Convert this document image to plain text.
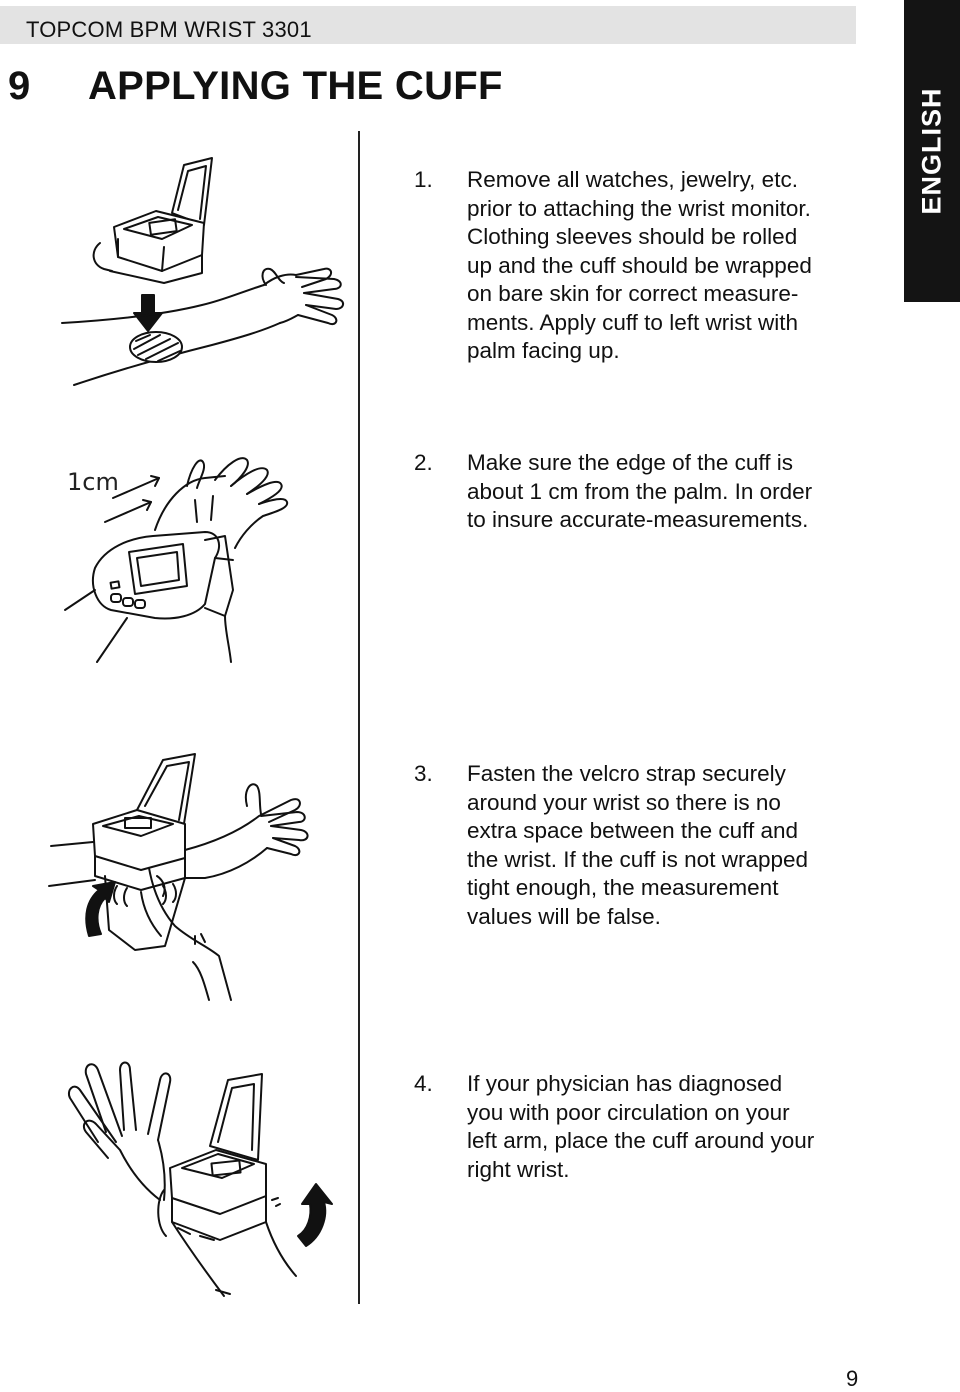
TOPCOM BPM WRIST 3301
ENGLISH
9 APPLYING THE CUFF
1. Remove all watches, jewelry, etc.
prior to attaching the wrist monitor.
Clothing sleeves should be rolled
up and the cuff should be wrapped
on bare skin for correct measure-
ments. Apply cuff to left wrist with
palm facing up.
1cm
2. Make sure the edge of the cuff is
about 1 cm from the palm. In order
to insure accurate-measurements.
3. Fasten the velcro strap securely
around your wrist so there is no
extra space between the cuff and
the wrist. If the cuff is not wrapped
tight enough, the measurement
values will be false.
4. If your physician has diagnosed
you with poor circulation on your
left arm, place the cuff around your
right wrist.
9
